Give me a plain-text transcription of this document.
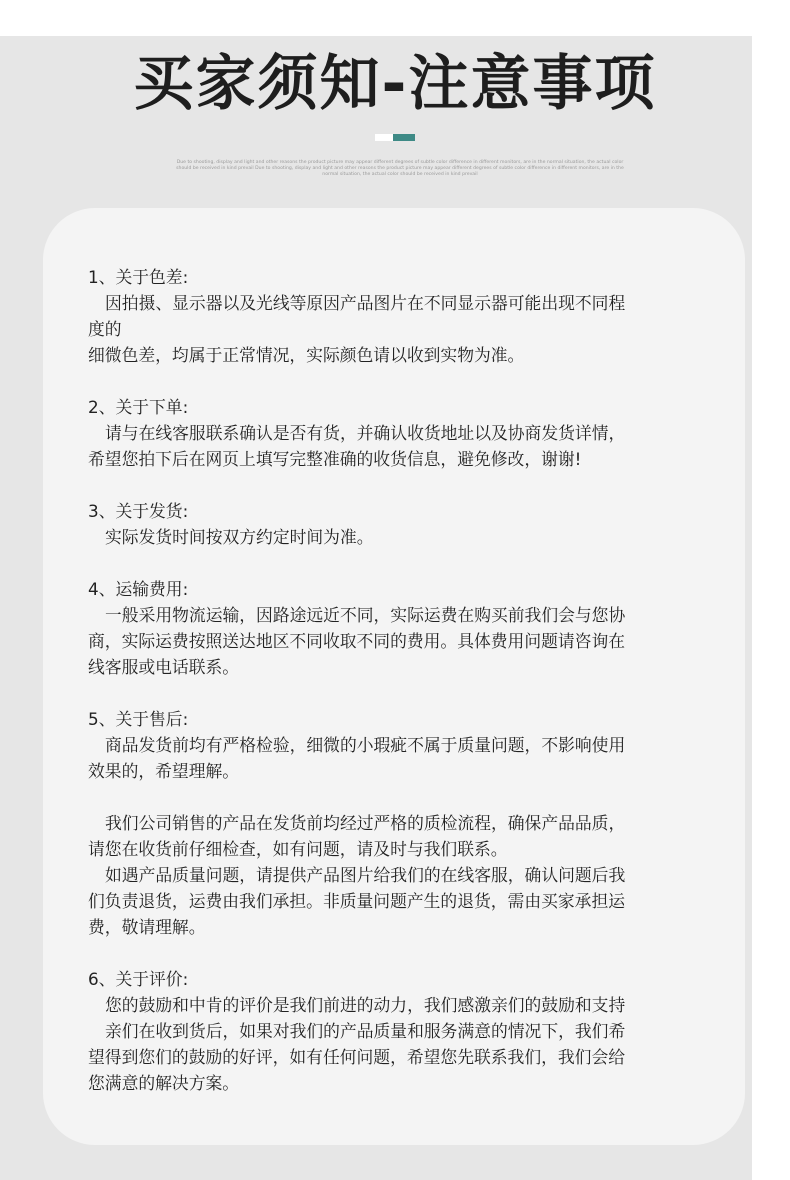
买家须知-注意事项
Due to shooting, display and light and other reasons the product picture may appear different degrees of subtle color difference in different monitors, are in the normal situation, the actual color should be received in kind prevail Due to shooting, display and light and other reasons the product picture may appear different degrees of subtle color difference in different monitors, are in the normal situation, the actual color should be received in kind prevail
1、关于色差:
因拍摄、显示器以及光线等原因产品图片在不同显示器可能出现不同程
度的
细微色差，均属于正常情况，实际颜色请以收到实物为准。
2、关于下单:
请与在线客服联系确认是否有货，并确认收货地址以及协商发货详情，
希望您拍下后在网页上填写完整准确的收货信息，避免修改，谢谢!
3、关于发货:
实际发货时间按双方约定时间为准。
4、运输费用:
一般采用物流运输，因路途远近不同，实际运费在购买前我们会与您协
商，实际运费按照送达地区不同收取不同的费用。具体费用问题请咨询在
线客服或电话联系。
5、关于售后:
商品发货前均有严格检验，细微的小瑕疵不属于质量问题，不影响使用
效果的，希望理解。
我们公司销售的产品在发货前均经过严格的质检流程，确保产品品质，
请您在收货前仔细检查，如有问题，请及时与我们联系。
如遇产品质量问题，请提供产品图片给我们的在线客服，确认问题后我
们负责退货，运费由我们承担。非质量问题产生的退货，需由买家承担运
费，敬请理解。
6、关于评价:
您的鼓励和中肯的评价是我们前进的动力，我们感激亲们的鼓励和支持
亲们在收到货后，如果对我们的产品质量和服务满意的情况下，我们希
望得到您们的鼓励的好评，如有任何问题，希望您先联系我们，我们会给
您满意的解决方案。
